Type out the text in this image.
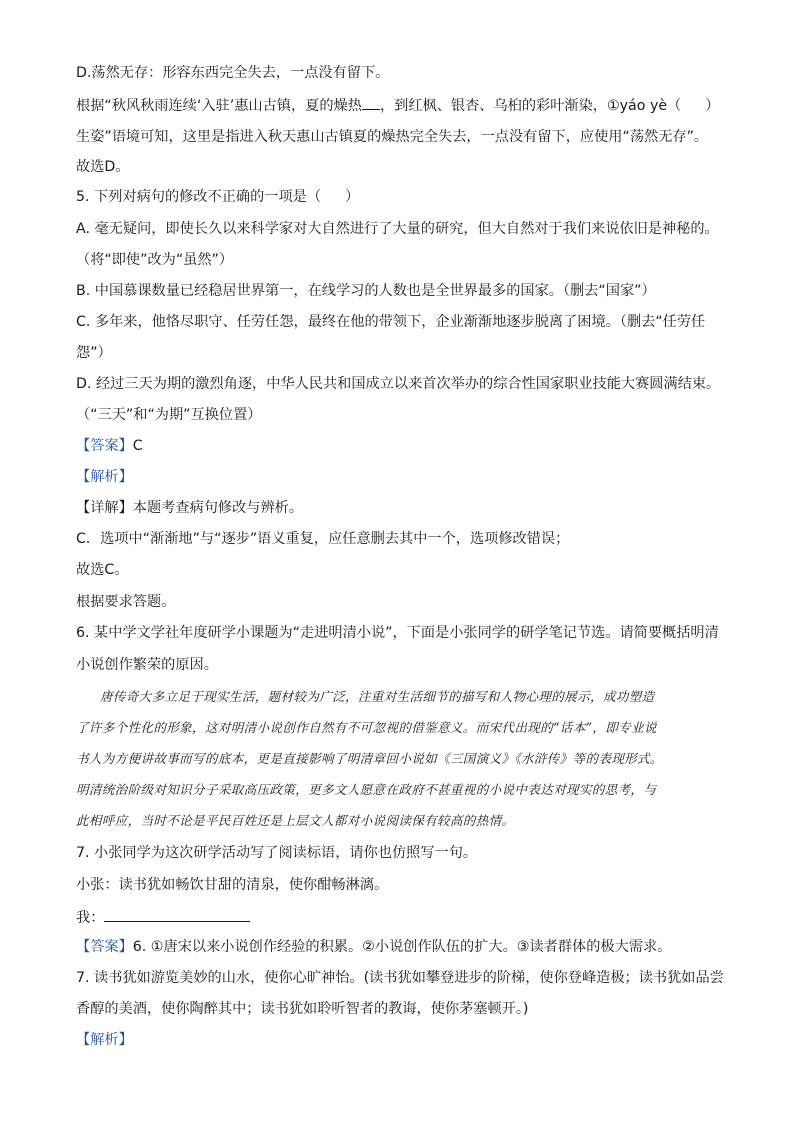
D.荡然无存：形容东西完全失去，一点没有留下。
根据“秋风秋雨连续‘入驻’惠山古镇，夏的燥热 ，到红枫、银杏、乌桕的彩叶渐染，①yáo yè（ ）
生姿”语境可知，这里是指进入秋天惠山古镇夏的燥热完全失去，一点没有留下，应使用“荡然无存”。
故选D。
5. 下列对病句的修改不正确的一项是（ ）
A. 毫无疑问，即使长久以来科学家对大自然进行了大量的研究，但大自然对于我们来说依旧是神秘的。
（将“即使”改为“虽然”）
B. 中国慕课数量已经稳居世界第一，在线学习的人数也是全世界最多的国家。（删去“国家”）
C. 多年来，他恪尽职守、任劳任怨，最终在他的带领下，企业渐渐地逐步脱离了困境。（删去“任劳任
怨”）
D. 经过三天为期的激烈角逐，中华人民共和国成立以来首次举办的综合性国家职业技能大赛圆满结束。
（“三天”和“为期”互换位置）
【答案】C
【解析】
【详解】本题考查病句修改与辨析。
C．选项中“渐渐地”与“逐步”语义重复，应任意删去其中一个，选项修改错误；
故选C。
根据要求答题。
6. 某中学文学社年度研学小课题为“走进明清小说”，下面是小张同学的研学笔记节选。请简要概括明清
小说创作繁荣的原因。
唐传奇大多立足于现实生活，题材较为广泛，注重对生活细节的描写和人物心理的展示，成功塑造
了许多个性化的形象，这对明清小说创作自然有不可忽视的借鉴意义。而宋代出现的“话本”，即专业说
书人为方便讲故事而写的底本，更是直接影响了明清章回小说如《三国演义》《水浒传》等的表现形式。
明清统治阶级对知识分子采取高压政策，更多文人愿意在政府不甚重视的小说中表达对现实的思考，与
此相呼应，当时不论是平民百姓还是上层文人都对小说阅读保有较高的热情。
7. 小张同学为这次研学活动写了阅读标语，请你也仿照写一句。
小张：读书犹如畅饮甘甜的清泉，使你酣畅淋漓。
我：
【答案】6. ①唐宋以来小说创作经验的积累。②小说创作队伍的扩大。③读者群体的极大需求。
7. 读书犹如游览美妙的山水，使你心旷神怡。(读书犹如攀登进步的阶梯，使你登峰造极；读书犹如品尝
香醇的美酒，使你陶醉其中；读书犹如聆听智者的教诲，使你茅塞顿开。)
【解析】
